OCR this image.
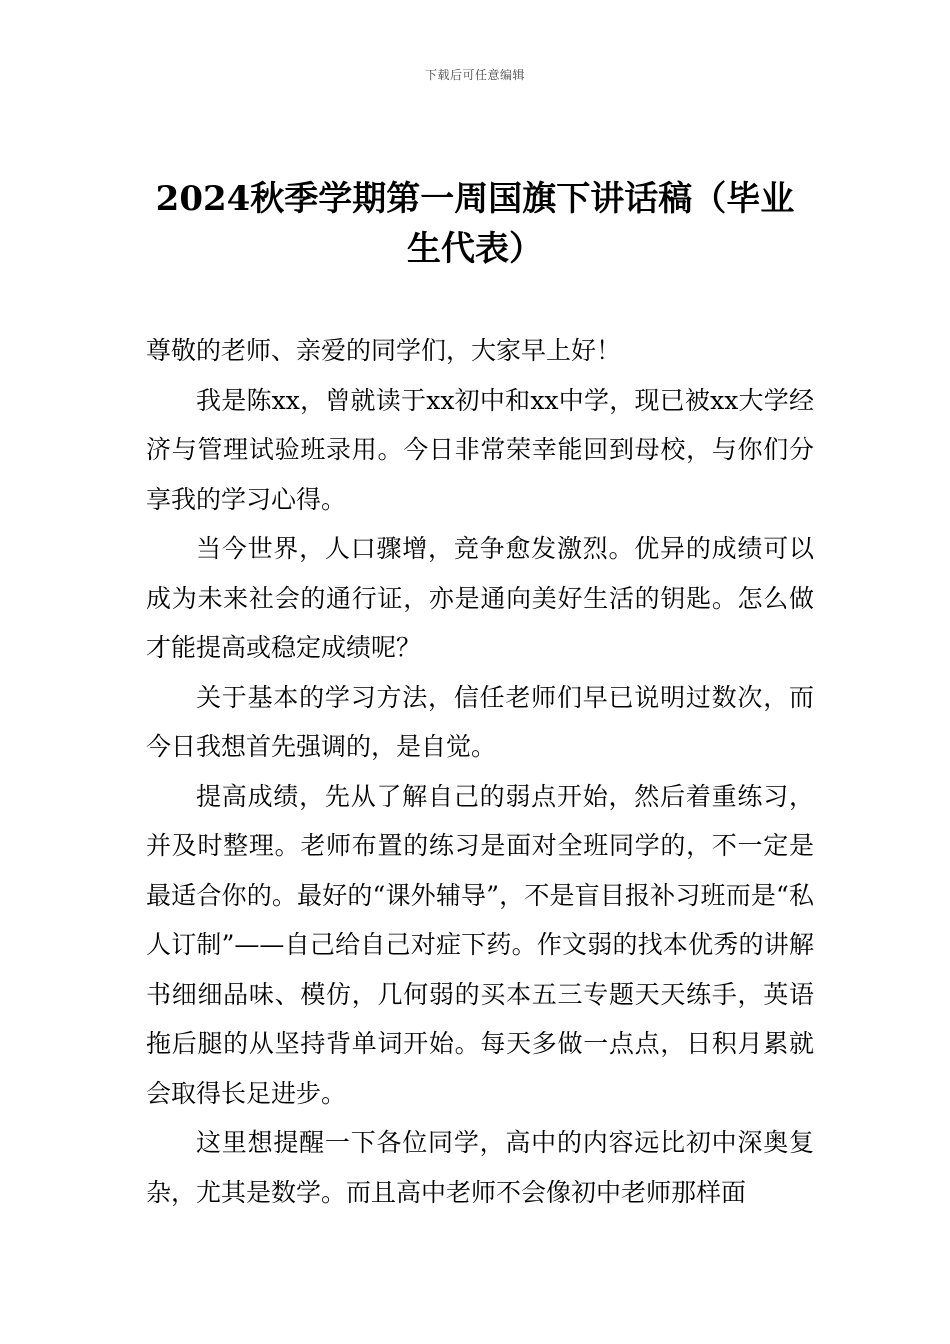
下载后可任意编辑
2024秋季学期第一周国旗下讲话稿（毕业
生代表）

尊敬的老师、亲爱的同学们，大家早上好！

我是陈xx，曾就读于xx初中和xx中学，现已被xx大学经济与管理试验班录用。今日非常荣幸能回到母校，与你们分享我的学习心得。

当今世界，人口骤增，竞争愈发激烈。优异的成绩可以成为未来社会的通行证，亦是通向美好生活的钥匙。怎么做才能提高或稳定成绩呢？

关于基本的学习方法，信任老师们早已说明过数次，而今日我想首先强调的，是自觉。

提高成绩，先从了解自己的弱点开始，然后着重练习，并及时整理。老师布置的练习是面对全班同学的，不一定是最适合你的。最好的“课外辅导”，不是盲目报补习班而是“私人订制”——自己给自己对症下药。作文弱的找本优秀的讲解书细细品味、模仿，几何弱的买本五三专题天天练手，英语拖后腿的从坚持背单词开始。每天多做一点点，日积月累就会取得长足进步。

这里想提醒一下各位同学，高中的内容远比初中深奥复杂，尤其是数学。而且高中老师不会像初中老师那样面
